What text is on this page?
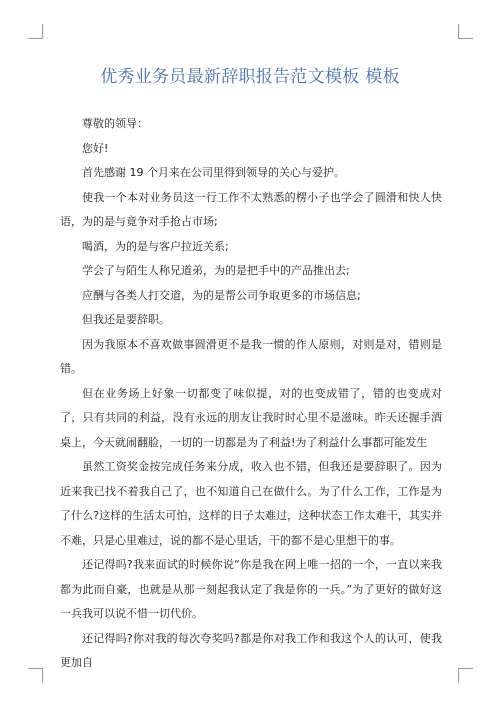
优秀业务员最新辞职报告范文模板 模板

尊敬的领导：

您好!

首先感谢 19 个月来在公司里得到领导的关心与爱护。

使我一个本对业务员这一行工作不太熟悉的楞小子也学会了圆滑和快人快语，为的是与竟争对手抢占市场;

喝酒，为的是与客户拉近关系;

学会了与陌生人称兄道弟，为的是把手中的产品推出去;

应酬与各类人打交道，为的是帮公司争取更多的市场信息;

但我还是要辞职。

因为我原本不喜欢做事圆滑更不是我一惯的作人原则，对则是对，错则是错。

但在业务场上好象一切都变了味似提，对的也变成错了，错的也变成对了，只有共同的利益，没有永远的朋友让我时时心里不是滋味。昨天还握手酒桌上，今天就闹翻脸，一切的一切都是为了利益!为了利益什么事都可能发生

虽然工资奖金按完成任务来分成，收入也不错，但我还是要辞职了。因为近来我已找不着我自己了，也不知道自己在做什么。为了什么工作，工作是为了什么?这样的生活太可怕，这样的日子太难过，这种状态工作太难干，其实并不难，只是心里难过，说的都不是心里话，干的都不是心里想干的事。

还记得吗?我来面试的时候你说“你是我在网上唯一招的一个，一直以来我都为此而自豪，也就是从那一刻起我认定了我是你的一兵。”为了更好的做好这一兵我可以说不惜一切代价。

还记得吗?你对我的每次夸奖吗?都是你对我工作和我这个人的认可，使我更加自
